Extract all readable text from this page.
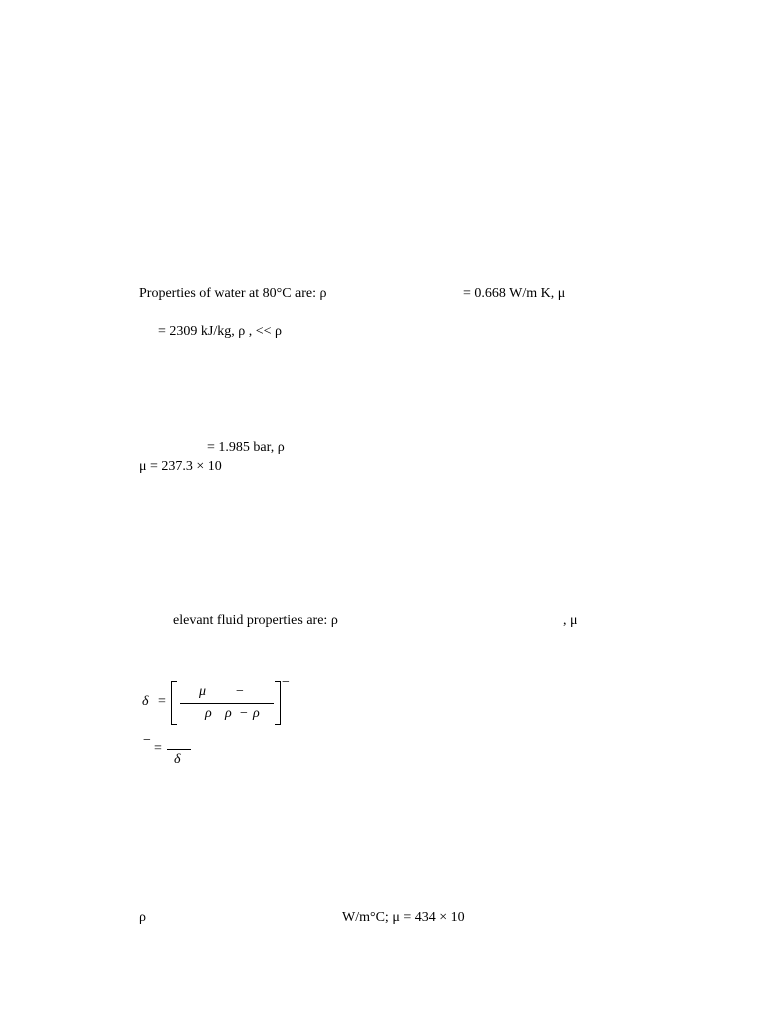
Properties of water at 80°C are: ρ	= 0.668 W/m K, μ
= 2309 kJ/kg, ρ , << ρ
= 1.985 bar, ρ
μ = 237.3 × 10
elevant fluid properties are: ρ	, μ
δ =
μ −
ρ ρ − ρ
−
−
=
δ
ρ	W/m°C; μ = 434 × 10
